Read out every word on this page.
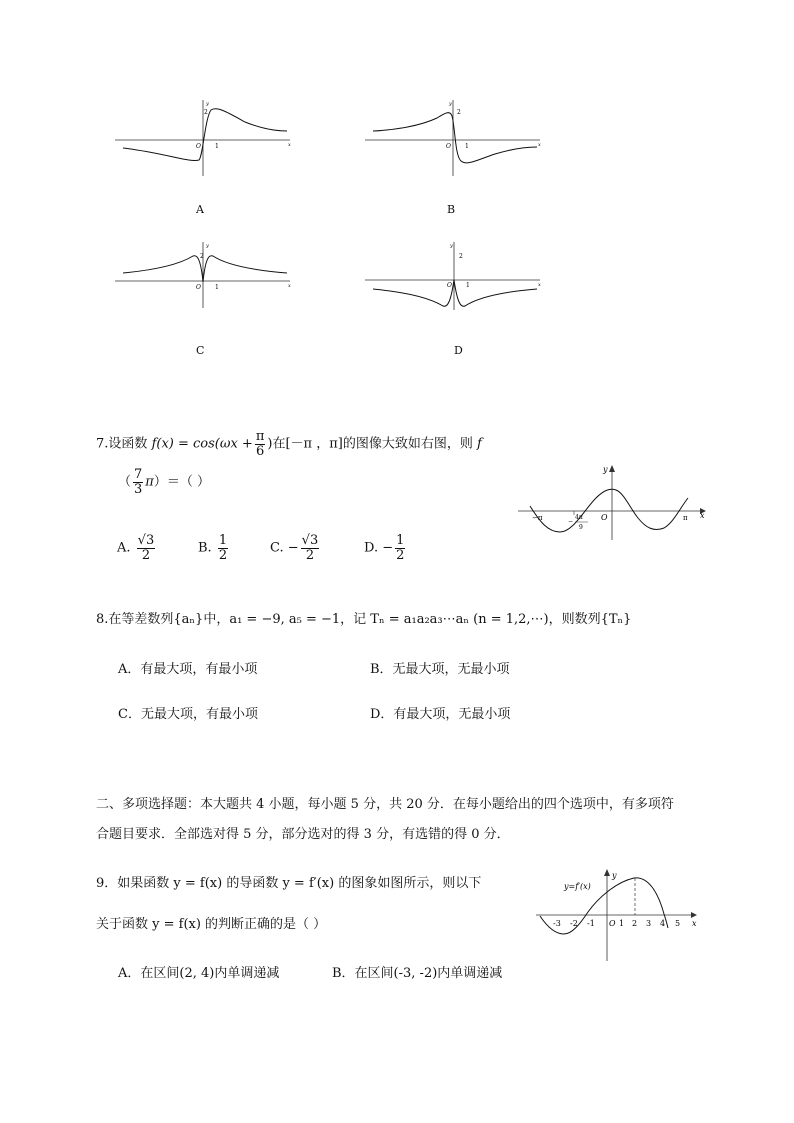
2
O 1	x
y
A
2
O 1	x
y
B
2
O 1	x
y
C
2
O 1	x
y
D
7.设函数 $f(x) = \cos(\omega x + \frac{\pi}{6}$ )在[－π ，π]的图像大致如右图，则 f
（ $\frac{7}{3} \pi)=$（ ）
A. $\frac{√3}{2}$	B. $\frac{1}{2}$	C. − $\frac{√3}{2}$	D. − $\frac{1}{2}$
y
x
O
−π	π
−
4π
9
8.在等差数列{aₙ}中，a₁ = −9, a₅ = −1，记 Tₙ = a₁a₂a₃⋯aₙ (n = 1,2,⋯)，则数列{Tₙ}
A．有最大项，有最小项	B．无最大项，无最小项
C．无最大项，有最小项	D．有最大项，无最小项
二、多项选择题：本大题共 4 小题，每小题 5 分，共 20 分．在每小题给出的四个选项中，有多项符
合题目要求．全部选对得 5 分，部分选对的得 3 分，有选错的得 0 分．
9．如果函数 y = f(x) 的导函数 y = f′(x) 的图象如图所示，则以下
关于函数 y = f(x) 的判断正确的是（ ）
A．在区间(2, 4)内单调递减	B．在区间(-3, -2)内单调递减
y=f′(x)
y
x
O
-3 -2 -1	1 2 3 4 5
